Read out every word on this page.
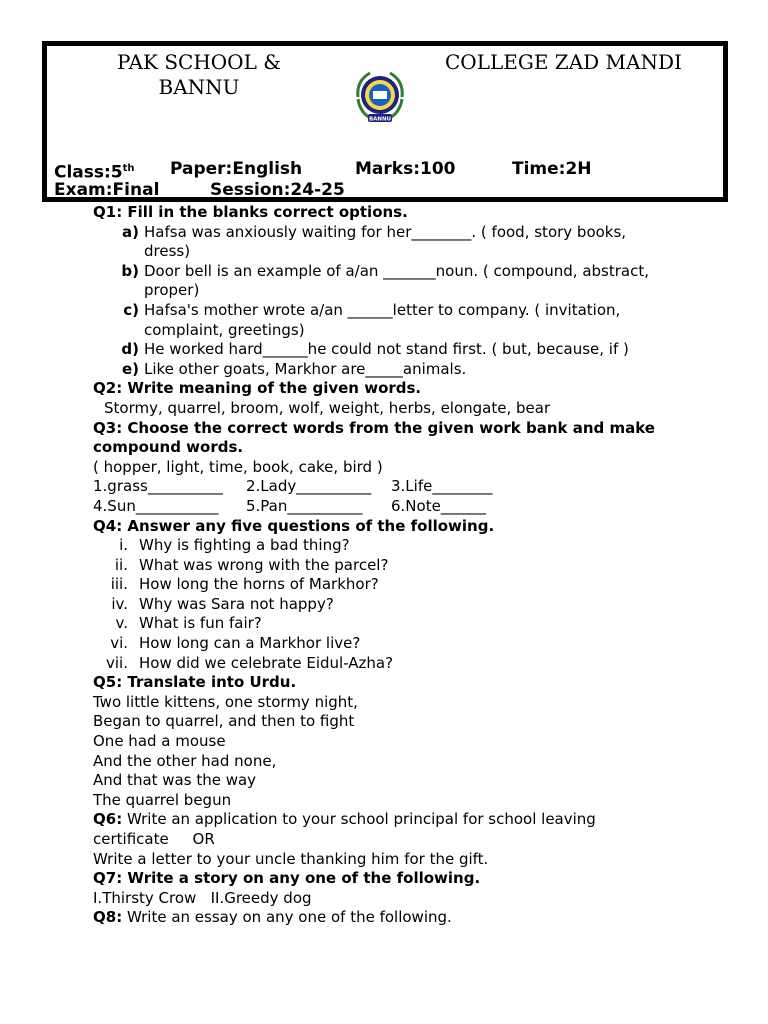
PAK SCHOOL & BANNU
COLLEGE ZAD MANDI
BANNU
Class:5th Paper:English	Marks:100	Time:2H
Exam:Final	Session:24-25
Q1: Fill in the blanks correct options.
a) Hafsa was anxiously waiting for her________. ( food, story books, dress)
b) Door bell is an example of a/an _______noun. ( compound, abstract, proper)
c) Hafsa's mother wrote a/an ______letter to company. ( invitation, complaint, greetings)
d) He worked hard______he could not stand first. ( but, because, if )
e) Like other goats, Markhor are_____animals.
Q2: Write meaning of the given words.
Stormy, quarrel, broom, wolf, weight, herbs, elongate, bear
Q3: Choose the correct words from the given work bank and make compound words.
( hopper, light, time, book, cake, bird )
1.grass__________ 2.Lady__________ 3.Life________
4.Sun___________ 5.Pan__________ 6.Note______
Q4: Answer any five questions of the following.
i. Why is fighting a bad thing?
ii. What was wrong with the parcel?
iii. How long the horns of Markhor?
iv. Why was Sara not happy?
v. What is fun fair?
vi. How long can a Markhor live?
vii. How did we celebrate Eidul-Azha?
Q5: Translate into Urdu.
Two little kittens, one stormy night,
Began to quarrel, and then to fight
One had a mouse
And the other had none,
And that was the way
The quarrel begun
Q6: Write an application to your school principal for school leaving certificate     OR
Write a letter to your uncle thanking him for the gift.
Q7: Write a story on any one of the following.
I.Thirsty Crow   II.Greedy dog
Q8: Write an essay on any one of the following.
